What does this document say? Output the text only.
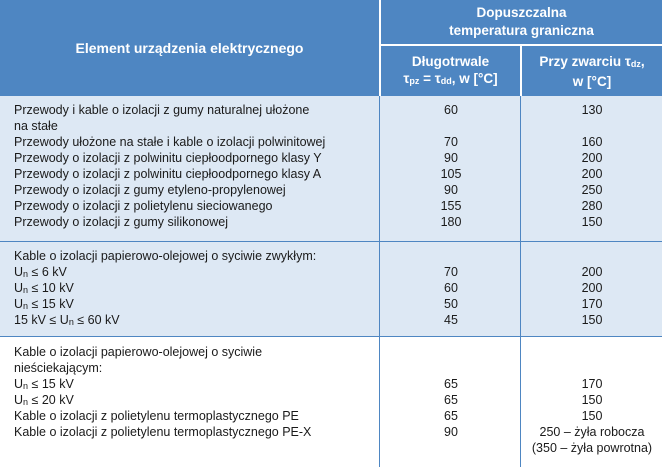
Element urządzenia elektrycznego
Dopuszczalna
temperatura graniczna
Długotrwale
τpz = τdd, w [°C]
Przy zwarciu τdz,
w [°C]
Przewody i kable o izolacji z gumy naturalnej ułożone	60	130
na stałe
Przewody ułożone na stałe i kable o izolacji polwinitowej	70	160
Przewody o izolacji z polwinitu ciepłoodpornego klasy Y	90	200
Przewody o izolacji z polwinitu ciepłoodpornego klasy A	105	200
Przewody o izolacji z gumy etyleno-propylenowej	90	250
Przewody o izolacji z polietylenu sieciowanego	155	280
Przewody o izolacji z gumy silikonowej	180	150
Kable o izolacji papierowo-olejowej o syciwie zwykłym:
Un ≤ 6 kV	70	200
Un ≤ 10 kV	60	200
Un ≤ 15 kV	50	170
15 kV ≤ Un ≤ 60 kV	45	150
Kable o izolacji papierowo-olejowej o syciwie
nieściekającym:
Un ≤ 15 kV	65	170
Un ≤ 20 kV	65	150
Kable o izolacji z polietylenu termoplastycznego PE	65	150
Kable o izolacji z polietylenu termoplastycznego PE-X	90	250 – żyła robocza
(350 – żyła powrotna)
